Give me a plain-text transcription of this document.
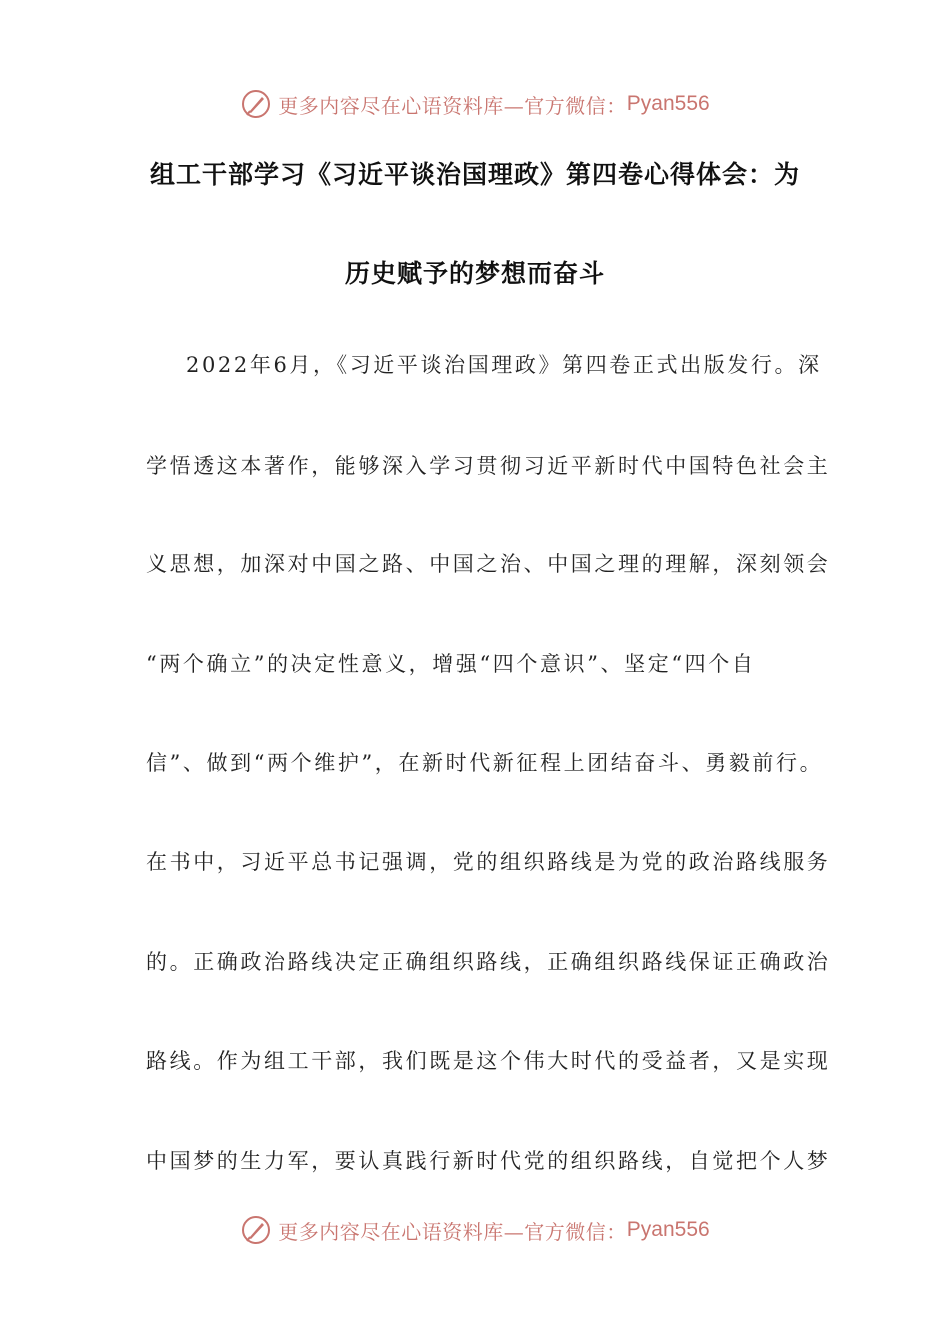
更多内容尽在心语资料库—官方微信： Pyan556
组工干部学习《习近平谈治国理政》第四卷心得体会：为
历史赋予的梦想而奋斗
2022年6月，《习近平谈治国理政》第四卷正式出版发行。深
学悟透这本著作，能够深入学习贯彻习近平新时代中国特色社会主
义思想，加深对中国之路、中国之治、中国之理的理解，深刻领会
“两个确立”的决定性意义，增强“四个意识”、坚定“四个自
信”、做到“两个维护”，在新时代新征程上团结奋斗、勇毅前行。
在书中，习近平总书记强调，党的组织路线是为党的政治路线服务
的。正确政治路线决定正确组织路线，正确组织路线保证正确政治
路线。作为组工干部，我们既是这个伟大时代的受益者，又是实现
中国梦的生力军，要认真践行新时代党的组织路线，自觉把个人梦
更多内容尽在心语资料库—官方微信： Pyan556
